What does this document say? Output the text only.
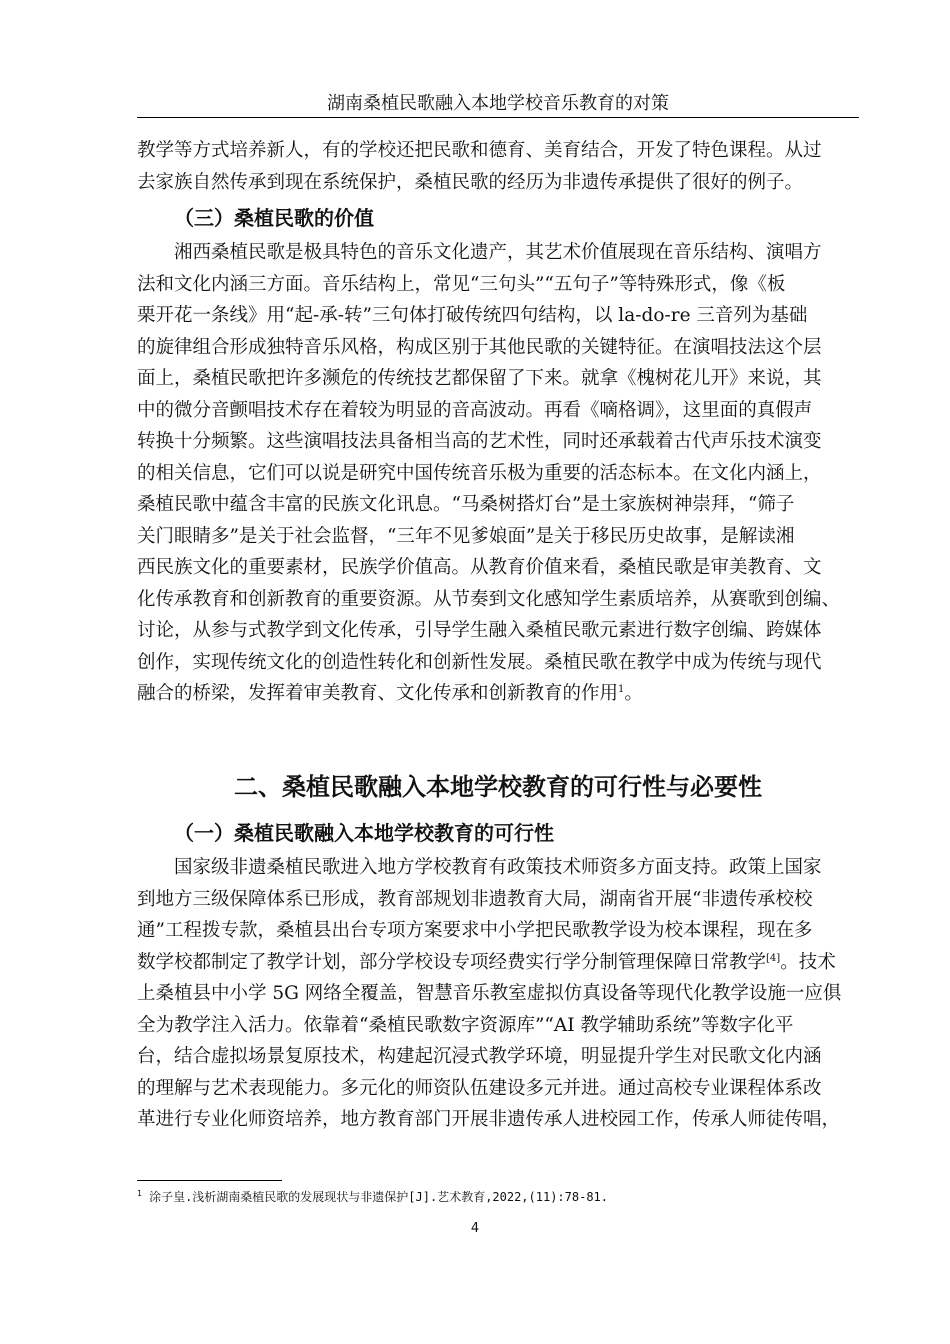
湖南桑植民歌融入本地学校音乐教育的对策

教学等方式培养新人，有的学校还把民歌和德育、美育结合，开发了特色课程。从过
去家族自然传承到现在系统保护，桑植民歌的经历为非遗传承提供了很好的例子。

（三）桑植民歌的价值

湘西桑植民歌是极具特色的音乐文化遗产，其艺术价值展现在音乐结构、演唱方
法和文化内涵三方面。音乐结构上，常见“三句头”“五句子”等特殊形式，像《板
栗开花一条线》用“起-承-转”三句体打破传统四句结构，以 la-do-re 三音列为基础
的旋律组合形成独特音乐风格，构成区别于其他民歌的关键特征。在演唱技法这个层
面上，桑植民歌把许多濒危的传统技艺都保留了下来。就拿《槐树花儿开》来说，其
中的微分音颤唱技术存在着较为明显的音高波动。再看《嘀格调》，这里面的真假声
转换十分频繁。这些演唱技法具备相当高的艺术性，同时还承载着古代声乐技术演变
的相关信息，它们可以说是研究中国传统音乐极为重要的活态标本。在文化内涵上，
桑植民歌中蕴含丰富的民族文化讯息。“马桑树搭灯台”是土家族树神崇拜，“筛子
关门眼睛多”是关于社会监督，“三年不见爹娘面”是关于移民历史故事，是解读湘
西民族文化的重要素材，民族学价值高。从教育价值来看，桑植民歌是审美教育、文
化传承教育和创新教育的重要资源。从节奏到文化感知学生素质培养，从赛歌到创编、
讨论，从参与式教学到文化传承，引导学生融入桑植民歌元素进行数字创编、跨媒体
创作，实现传统文化的创造性转化和创新性发展。桑植民歌在教学中成为传统与现代
融合的桥梁，发挥着审美教育、文化传承和创新教育的作用$^1$。

二、桑植民歌融入本地学校教育的可行性与必要性
（一）桑植民歌融入本地学校教育的可行性

国家级非遗桑植民歌进入地方学校教育有政策技术师资多方面支持。政策上国家
到地方三级保障体系已形成，教育部规划非遗教育大局，湖南省开展“非遗传承校校
通”工程拨专款，桑植县出台专项方案要求中小学把民歌教学设为校本课程，现在多
数学校都制定了教学计划，部分学校设专项经费实行学分制管理保障日常教学[4]。技术
上桑植县中小学 5G 网络全覆盖，智慧音乐教室虚拟仿真设备等现代化教学设施一应俱
全为教学注入活力。依靠着“桑植民歌数字资源库”“AI 教学辅助系统”等数字化平
台，结合虚拟场景复原技术，构建起沉浸式教学环境，明显提升学生对民歌文化内涵
的理解与艺术表现能力。多元化的师资队伍建设多元并进。通过高校专业课程体系改
革进行专业化师资培养，地方教育部门开展非遗传承人进校园工作，传承人师徒传唱，

$^1$ 涂子皇.浅析湖南桑植民歌的发展现状与非遗保护[J].艺术教育,2022,(11):78-81.
4
